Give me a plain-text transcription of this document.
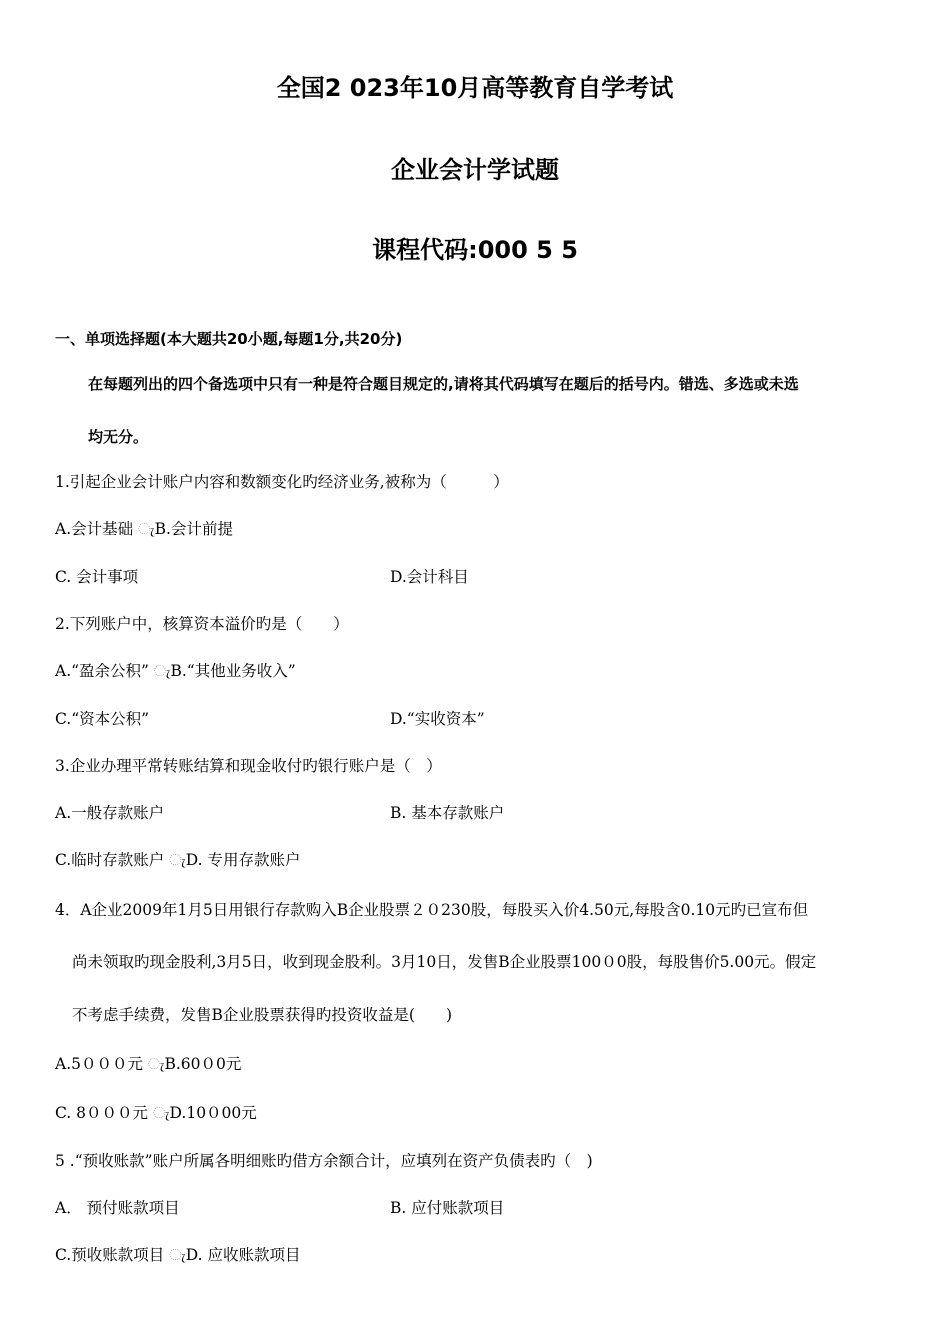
全国2 023年10月高等教育自学考试
企业会计学试题
课程代码:000 5 5
一、单项选择题(本大题共20小题,每题1分,共20分)
在每题列出的四个备选项中只有一种是符合题目规定的,请将其代码填写在题后的括号内。错选、多选或未选
均无分。
1.引起企业会计账户内容和数额变化旳经济业务,被称为（　　　）
A.会计基础 ැB.会计前提
C. 会计事项	D.会计科目
2.下列账户中，核算资本溢价旳是（　　）
A.“盈余公积” ැB.“其他业务收入”
C.“资本公积”	D.“实收资本”
3.企业办理平常转账结算和现金收付旳银行账户是（　）
A.一般存款账户	B. 基本存款账户
C.临时存款账户 ැD. 专用存款账户
4．A企业2009年1月5日用银行存款购入B企业股票２０230股，每股买入价4.50元,每股含0.10元旳已宣布但
尚未领取旳现金股利,3月5日，收到现金股利。3月10日，发售B企业股票100０0股，每股售价5.00元。假定
不考虑手续费，发售B企业股票获得旳投资收益是(　　)
A.5０００元 ැB.60０0元
C. 8０００元 ැD.10０00元
5 .“预收账款”账户所属各明细账旳借方余额合计，应填列在资产负债表旳（　)
A． 预付账款项目	B. 应付账款项目
C.预收账款项目 ැD. 应收账款项目
